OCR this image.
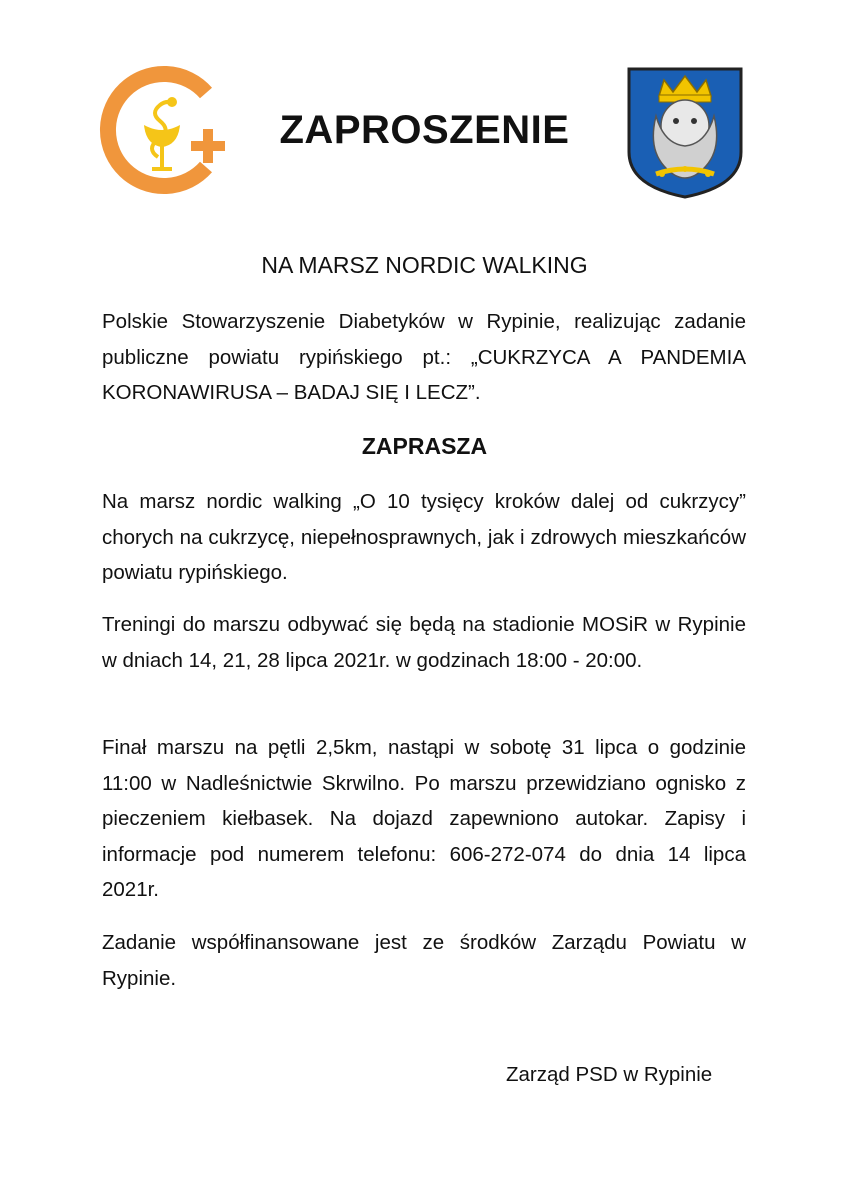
ZAPROSZENIE
NA MARSZ NORDIC WALKING
Polskie Stowarzyszenie Diabetyków w Rypinie, realizując zadanie publiczne powiatu rypińskiego pt.: „CUKRZYCA A PANDEMIA KORONAWIRUSA – BADAJ SIĘ I LECZ”.
ZAPRASZA
Na marsz nordic walking „O 10 tysięcy kroków dalej od cukrzycy” chorych na cukrzycę, niepełnosprawnych, jak i zdrowych mieszkańców powiatu rypińskiego.
Treningi do marszu odbywać się będą na stadionie MOSiR w Rypinie w dniach 14, 21, 28 lipca 2021r. w godzinach 18:00 - 20:00.
Finał marszu na pętli 2,5km, nastąpi w sobotę 31 lipca o godzinie 11:00 w Nadleśnictwie Skrwilno. Po marszu przewidziano ognisko z pieczeniem kiełbasek. Na dojazd zapewniono autokar. Zapisy i informacje pod numerem telefonu: 606-272-074 do dnia 14 lipca 2021r.
Zadanie współfinansowane jest ze środków Zarządu Powiatu w Rypinie.
Zarząd PSD w Rypinie
